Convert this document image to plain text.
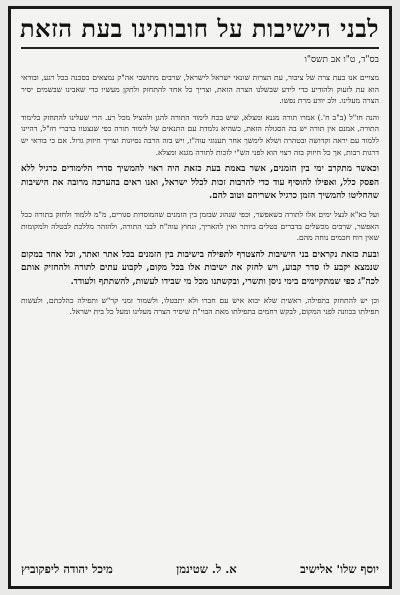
לבני הישיבות על חובותינו בעת הזאת
בס"ד, ט"ו אב תשס"ו

מצויים אנו בעת צרה של ציבור, עת הצרות שונאי ישראל לישראל, שרבים מתושבי אה"ק נמצאים בסכנה בכל רגע, ובודאי הוא עת לזעוק ולהודיע כדי לידע שבשלנו הצרה הזאת, וצריך כל אחד להתחזק ולתקן מעשיו כדי שאבינו שבשמים יסיר הצרה מעלינו. ולב יודע מרת נפשו.

והנה חז"ל (ב"ב ח'.) אמרו תורה מגנא ומצלא, שיש בכח לימוד התורה להגן ולהציל מכל רע. הרי שעלינו להתחזק בלימוד התורה, אמנם אין תורה יש בה הסגולה הזאת, כשהיא נלמדת עם התנאים של לימוד תורה כפי שנצטוו בדברי חז"ל, דהיינו ללמוד עם יראה וקדושה ובטהרה ושלא לימשך אחר תענוגי עוה"ז, ויש בזה הרבה נסיונות וצריך חיזוק גדול. אם כי בודאי יש דרגות רבות, אך כל חיזוק בזה רצוי הוא לפני הש"י לזכות לתורה מגנא ומצלא.

וכאשר מתקרב ימי בין הזמנים, אשר באמת בעת כזאת היה ראוי להמשיך סדרי הלימודים כרגיל ללא הפסק כלל, ואפילו להוסיף עוד כדי להרבות זכות לכלל ישראל, ואנו ראים בהערכה מרובה את הישיבות שהחליטו להמשיך הזמן כרגיל אשריהם וטוב להם.

ועל כא"א לנצל ימים אלו לתורה כשאפשר, וכפי שנהוג שבזמן בין הזמנים שהמוסדות סגורים, מ"מ ללמוד ולחזק בתורה ככל האפשר, שרבים מכשלים בדברים בטלים ביותר ואין להאריך, ונחוץ עוה"ח לבני התורה, ולהזהר מללכת לבטלה ולמקומות שאין רוח חכמים נוחה מהם.

ובעת כזאת נקראים בני הישיבות להצטרף לתפילה בישיבות בין הזמנים בכל אתר ואתר, וכל אחד במקום שנמצא יקבע לו סדר קבוע, ויש לחזק את ישיבות אלו בכל מקום, לקבוע עתים לתורה ולהחזיק אותם לכה"ג כפי שמתקיימים בימי ניסן ותשרי, ובקשתנו מכל מי שבידו לעשות, להשתתף ולעודד.

וכן יש להתחזק בתפילה, ראשית שלא יבוא איש עם חברו ולא יתבטלו, ולשמור זמני קר"ש ותפילה כהלכתם, ולעשות תפילתו בכוונה לפני המקום, לבקש רחמים בתפילתו מאת הבוי"ת שיסיר הצרה מעלינו ומעל כל בית ישראל.

יוסף שלו' אלישיב
א. ל. שטינמן
מיכל יהודה ליפקוביץ
